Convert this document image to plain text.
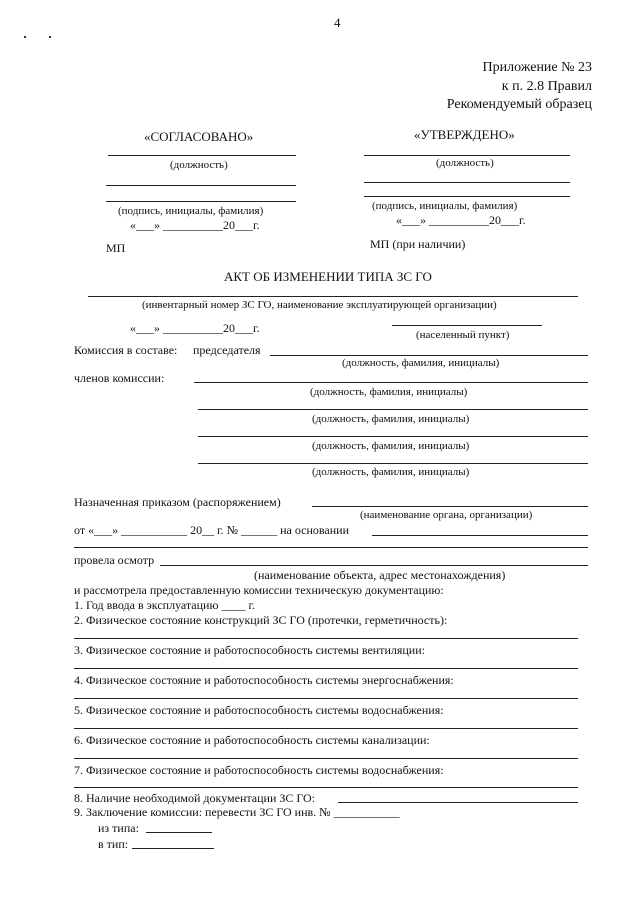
4
Приложение № 23
к п. 2.8 Правил
Рекомендуемый образец
«СОГЛАСОВАНО»
(должность)
(подпись, инициалы, фамилия)
«___» __________20___г.
МП
«УТВЕРЖДЕНО»
(должность)
(подпись, инициалы, фамилия)
«___» __________20___г.
МП (при наличии)
АКТ ОБ ИЗМЕНЕНИИ ТИПА ЗС ГО
(инвентарный номер ЗС ГО, наименование эксплуатирующей организации)
«___» __________20___г.	(населенный пункт)
Комиссия в составе: председателя
(должность, фамилия, инициалы)
членов комиссии:
(должность, фамилия, инициалы)
(должность, фамилия, инициалы)
(должность, фамилия, инициалы)
(должность, фамилия, инициалы)
Назначенная приказом (распоряжением)
(наименование органа, организации)
от «___» ___________ 20__ г. № ______ на основании
провела осмотр
(наименование объекта, адрес местонахождения)
и рассмотрела предоставленную комиссии техническую документацию:
1. Год ввода в эксплуатацию ____ г.
2. Физическое состояние конструкций ЗС ГО (протечки, герметичность):
3. Физическое состояние и работоспособность системы вентиляции:
4. Физическое состояние и работоспособность системы энергоснабжения:
5. Физическое состояние и работоспособность системы водоснабжения:
6. Физическое состояние и работоспособность системы канализации:
7. Физическое состояние и работоспособность системы водоснабжения:
8. Наличие необходимой документации ЗС ГО:
9. Заключение комиссии: перевести ЗС ГО инв. № ___________
из типа:
в тип:
